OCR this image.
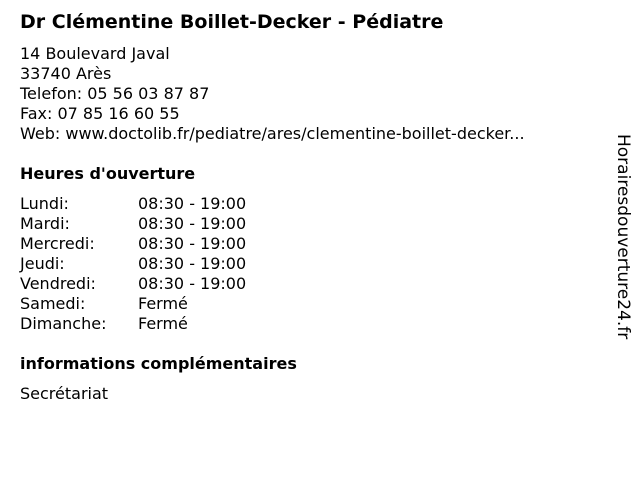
Dr Clémentine Boillet-Decker - Pédiatre
14 Boulevard Javal
33740 Arès
Telefon: 05 56 03 87 87
Fax: 07 85 16 60 55
Web: www.doctolib.fr/pediatre/ares/clementine-boillet-decker...
Heures d'ouverture
Lundi:	08:30 - 19:00
Mardi:	08:30 - 19:00
Mercredi:	08:30 - 19:00
Jeudi:	08:30 - 19:00
Vendredi:	08:30 - 19:00
Samedi:	Fermé
Dimanche:	Fermé
informations complémentaires
Secrétariat
Horairesdouverture24.fr
